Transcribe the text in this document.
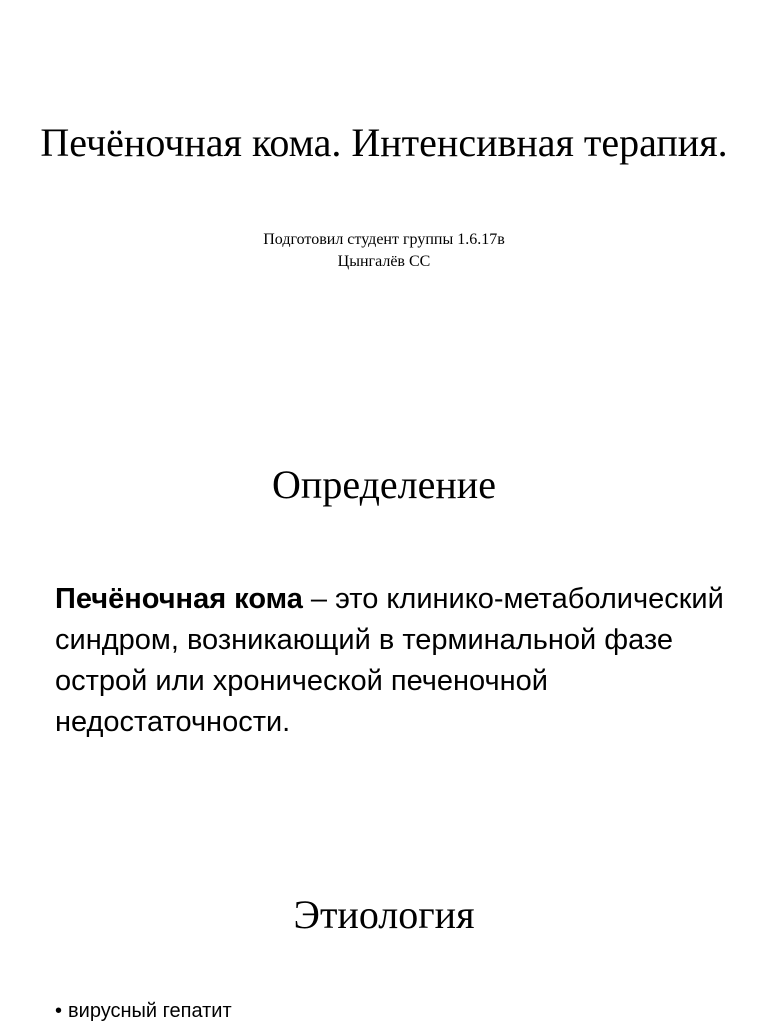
Печёночная кома. Интенсивная терапия.
Подготовил студент группы 1.6.17в
Цынгалёв СС
Определение

Печёночная кома – это клинико-метаболический синдром, возникающий в терминальной фазе острой или хронической печеночной недостаточности.

Этиология
• вирусный гепатит
